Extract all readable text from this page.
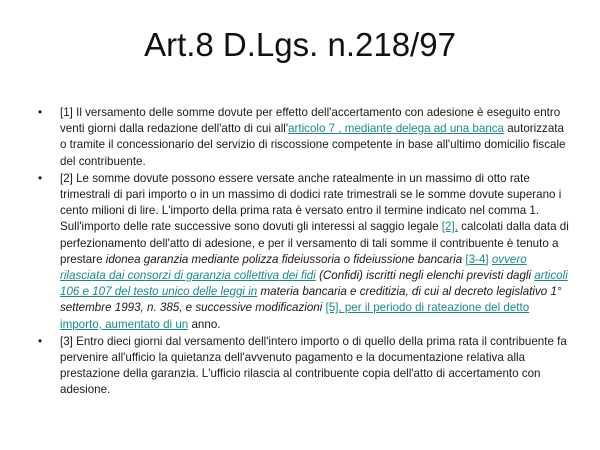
Art.8 D.Lgs. n.218/97
•	[1] Il versamento delle somme dovute per effetto dell'accertamento con adesione è eseguito entro venti giorni dalla redazione dell'atto di cui all'articolo 7 , mediante delega ad una banca autorizzata o tramite il concessionario del servizio di riscossione competente in base all'ultimo domicilio fiscale del contribuente.
•	[2] Le somme dovute possono essere versate anche ratealmente in un massimo di otto rate trimestrali di pari importo o in un massimo di dodici rate trimestrali se le somme dovute superano i cento milioni di lire. L'importo della prima rata è versato entro il termine indicato nel comma 1. Sull'importo delle rate successive sono dovuti gli interessi al saggio legale [2], calcolati dalla data di perfezionamento dell'atto di adesione, e per il versamento di tali somme il contribuente è tenuto a prestare idonea garanzia mediante polizza fideiussoria o fideiussione bancaria [3-4] ovvero rilasciata dai consorzi di garanzia collettiva dei fidi (Confidi) iscritti negli elenchi previsti dagli articoli 106 e 107 del testo unico delle leggi in materia bancaria e creditizia, di cui al decreto legislativo 1° settembre 1993, n. 385, e successive modificazioni [5], per il periodo di rateazione del detto importo, aumentato di un anno.
•	[3] Entro dieci giorni dal versamento dell'intero importo o di quello della prima rata il contribuente fa pervenire all'ufficio la quietanza dell'avvenuto pagamento e la documentazione relativa alla prestazione della garanzia. L'ufficio rilascia al contribuente copia dell'atto di accertamento con adesione.
